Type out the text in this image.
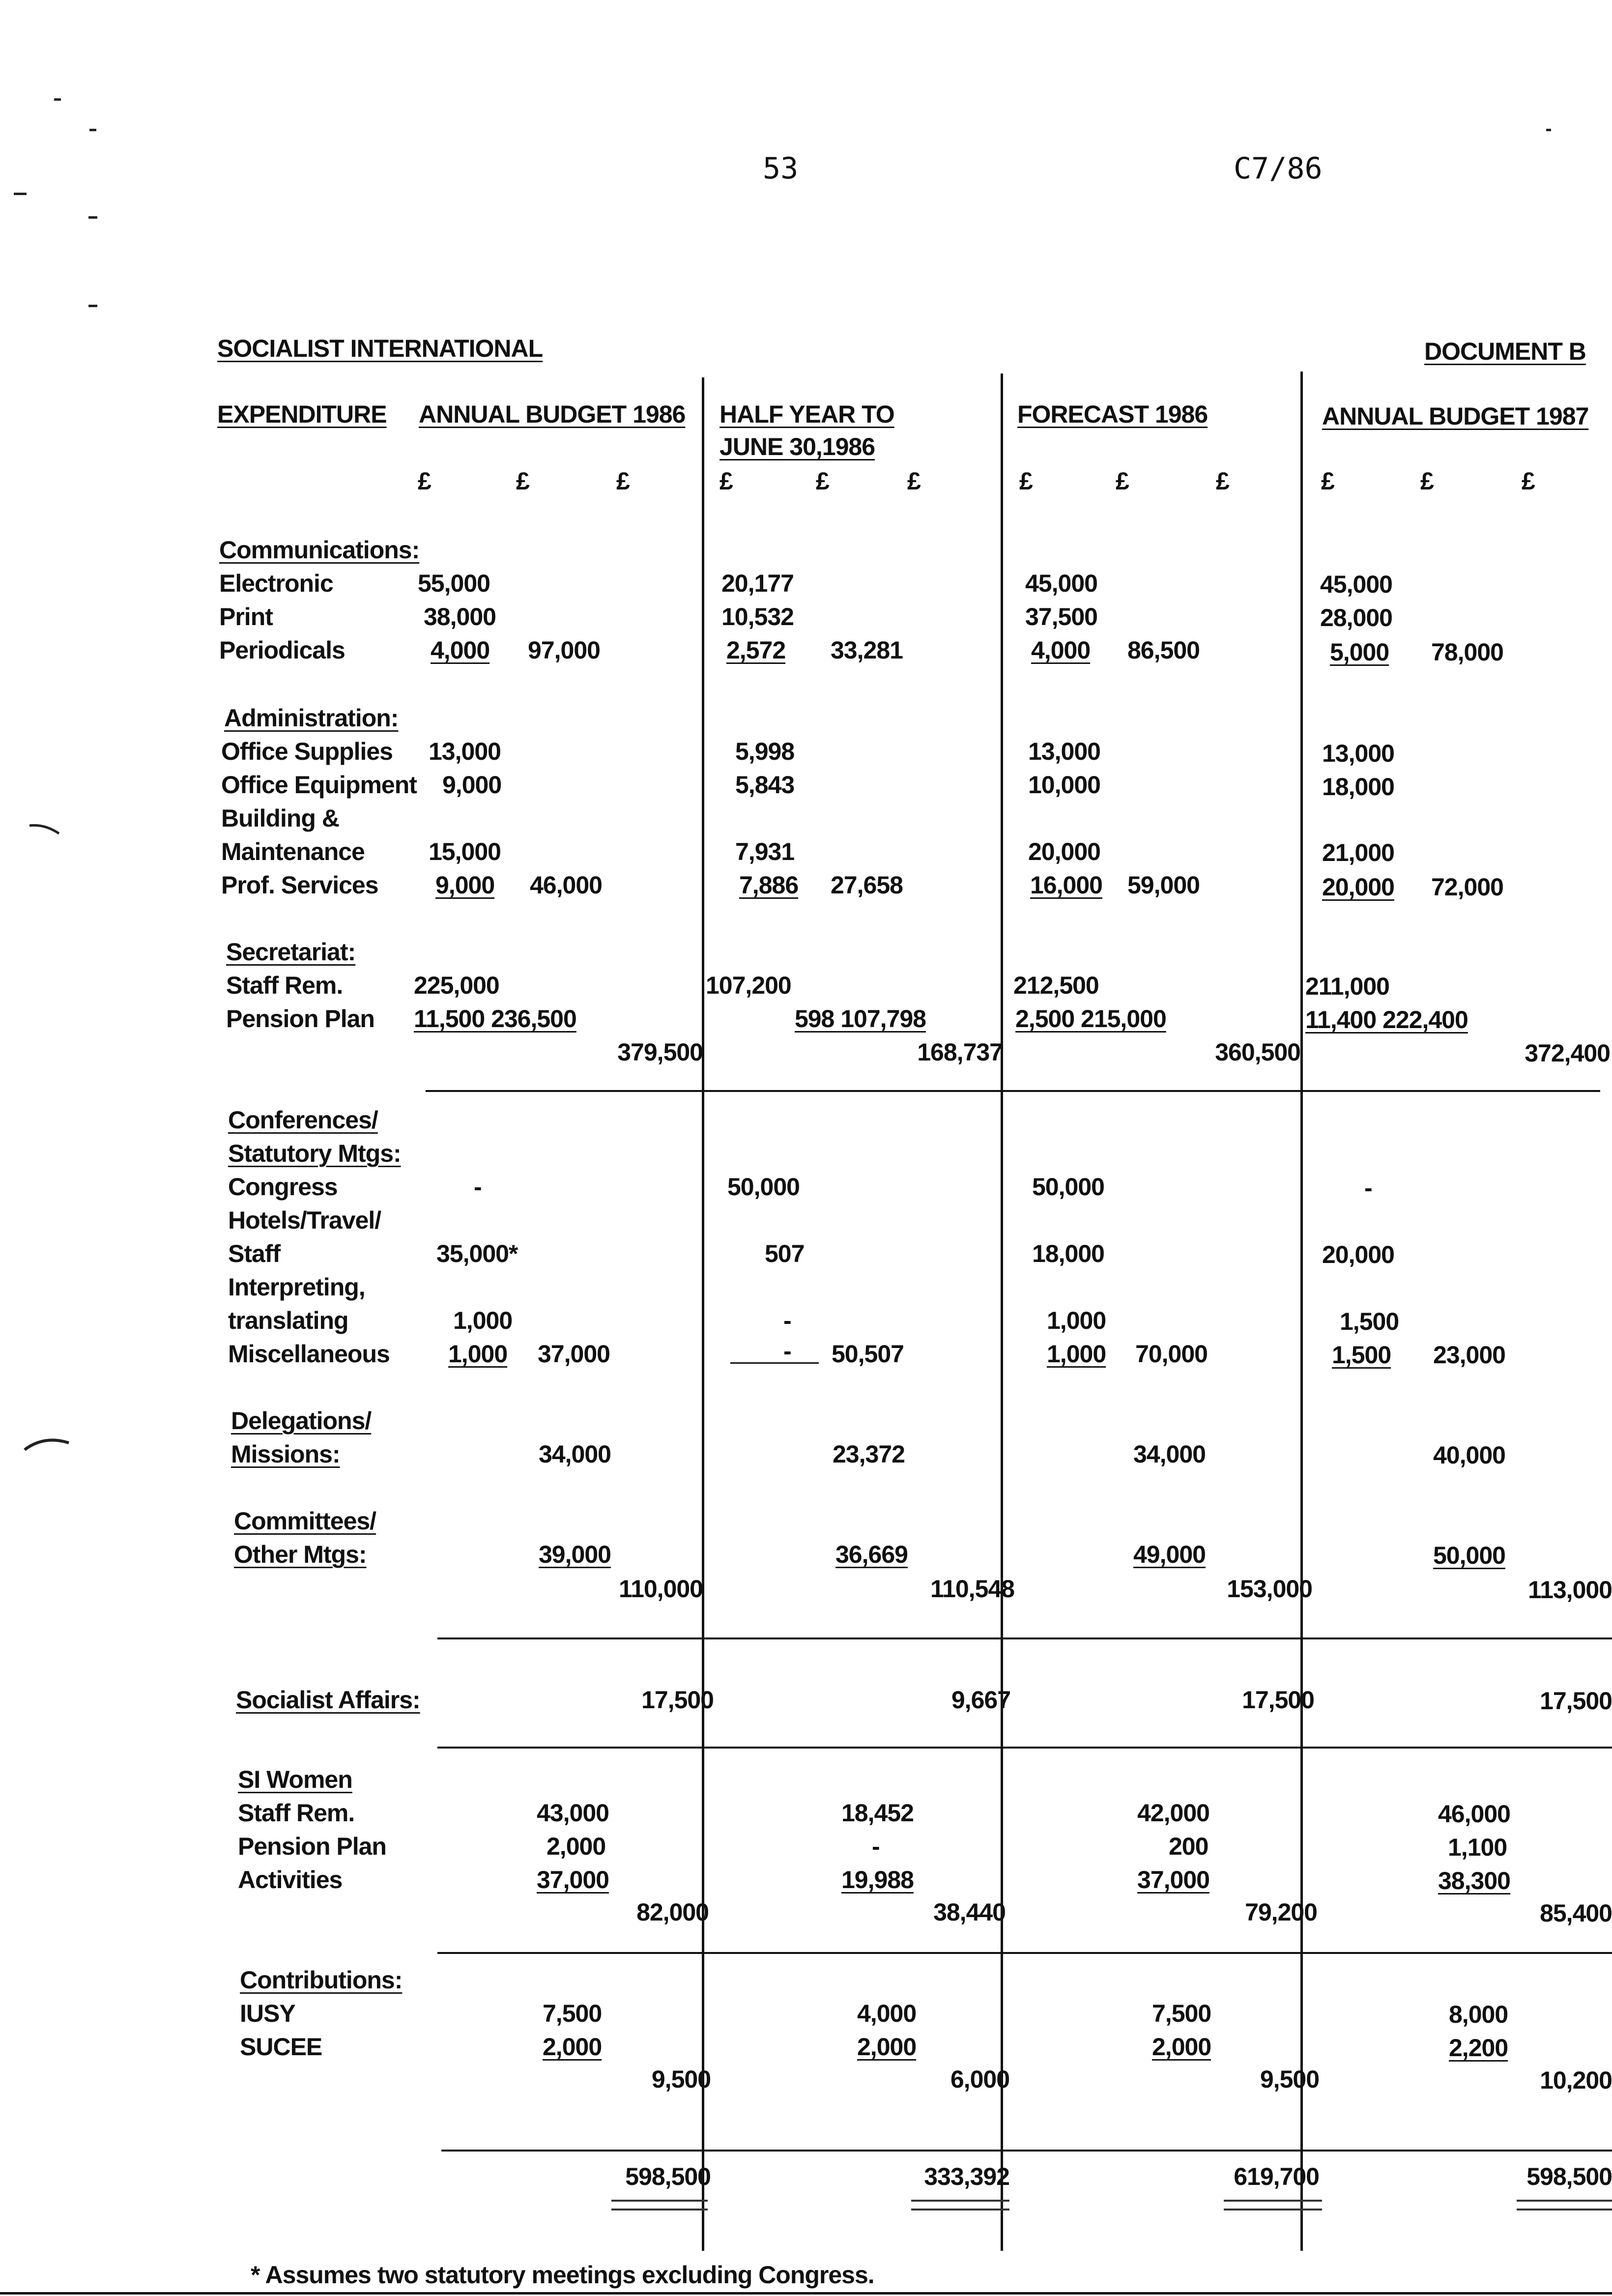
53	C7/86
SOCIALIST INTERNATIONAL	DOCUMENT B
EXPENDITURE ANNUAL BUDGET 1986 HALF YEAR TO
JUNE 30,1986
FORECAST 1986	ANNUAL BUDGET 1987
£	£	£	£	£	£	£	£	£	£	£	£
Communications:
Electronic	55,000	20,177	45,000	45,000
Print	38,000	10,532	37,500	28,000
Periodicals	4,000 97,000	2,572 33,281	4,000 86,500	5,000 78,000
Administration:
Office Supplies 13,000	5,998	13,000	13,000
Office Equipment 9,000	5,843	10,000	18,000
Building &
Maintenance	15,000	7,931	20,000	21,000
Prof. Services 9,000 46,000	7,886 27,658	16,000 59,000	20,000 72,000
Secretariat:
Staff Rem.	225,000	107,200	212,500	211,000
Pension Plan 11,500 236,500	598 107,798	2,500 215,000	11,400 222,400
379,500	168,737	360,500	372,400
Conferences/
Statutory Mtgs:
Congress	-	50,000	50,000	-
Hotels/Travel/
Staff	35,000*	507	18,000	20,000
Interpreting,
translating	1,000	-	1,000	1,500
Miscellaneous 1,000 37,000	- 50,507	1,000 70,000	1,500 23,000
Delegations/
Missions:	34,000	23,372	34,000	40,000
Committees/
Other Mtgs:	39,000	36,669	49,000	50,000
110,000	110,548	153,000	113,000
Socialist Affairs:	17,500	9,667	17,500	17,500
SI Women
Staff Rem.	43,000	18,452	42,000	46,000
Pension Plan	2,000	-	200	1,100
Activities	37,000	19,988	37,000	38,300
82,000	38,440	79,200	85,400
Contributions:
IUSY	7,500	4,000	7,500	8,000
SUCEE	2,000	2,000	2,000	2,200
9,500	6,000	9,500	10,200
598,500	333,392	619,700	598,500
* Assumes two statutory meetings excluding Congress.
